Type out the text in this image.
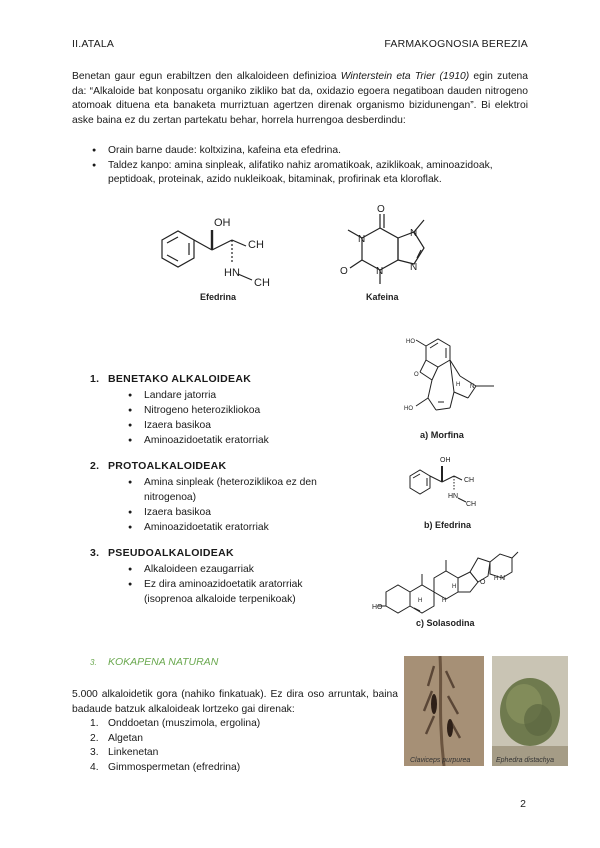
II.ATALA	FARMAKOGNOSIA BEREZIA
Benetan gaur egun erabiltzen den alkaloideen definizioa Winterstein eta Trier (1910) egin zutena da: “Alkaloide bat konposatu organiko zikliko bat da, oxidazio egoera negatiboan dauden nitrogeno atomoak dituena eta banaketa murriztuan agertzen direnak organismo bizidunengan”. Bi elektroi aske baina ez du zertan partekatu behar, horrela hurrengoa desberdindu:
● Orain barne daude: koltxizina, kafeina eta efedrina.
● Taldez kanpo: amina sinpleak, alifatiko nahiz aromatikoak, aziklikoak, aminoazidoak, peptidoak, proteinak, azido nukleikoak, bitaminak, profirinak eta kloroflak.
OH
CH
H N
CH
Efedrina
O
O
N
N
N
N
Kafeina
1. BENETAKO ALKALOIDEAK
● Landare jatorria
● Nitrogeno heterozikliokoa
● Izaera basikoa
● Aminoazidoetatik eratorriak
2. PROTOALKALOIDEAK
● Amina sinpleak (heteroziklikoa ez den nitrogenoa)
● Izaera basikoa
● Aminoazidoetatik eratorriak
3. PSEUDOALKALOIDEAK
● Alkaloideen ezaugarriak
● Ez dira aminoazidoetatik aratorriak (isoprenoa alkaloide terpenikoak)
HO
O
H N
HO
a) Morfina
OH
CH
HN
CH
b) Efedrina
HO
H	H
H
O H N
c) Solasodina
3. KOKAPENA NATURAN
5.000 alkaloidetik gora (nahiko finkatuak). Ez dira oso arruntak, baina badaude batzuk alkaloideak lortzeko gai direnak:
1. Onddoetan (muszimola, ergolina)
2. Algetan
3. Linkenetan
4. Gimmospermetan (efredrina)
Claviceps purpurea	Ephedra distachya
2
